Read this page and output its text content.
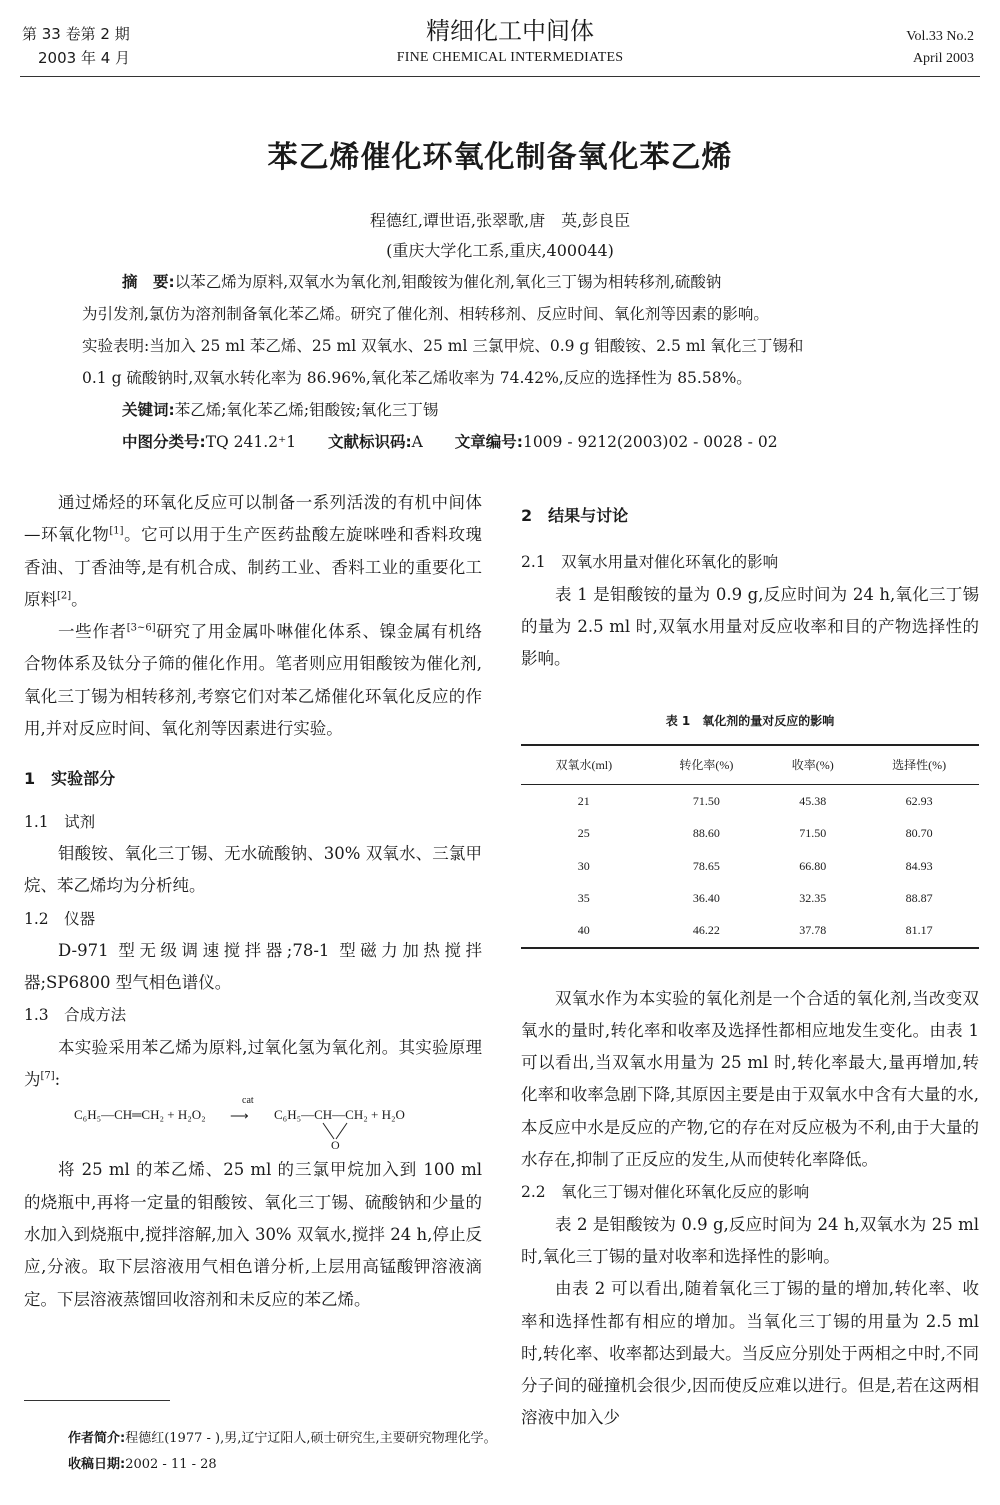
第 33 卷第 2 期
2003 年 4 月
精细化工中间体
FINE CHEMICAL INTERMEDIATES
Vol.33 No.2
April 2003
苯乙烯催化环氧化制备氧化苯乙烯
程德红,谭世语,张翠歌,唐　英,彭良臣
(重庆大学化工系,重庆,400044)
摘　要:以苯乙烯为原料,双氧水为氧化剂,钼酸铵为催化剂,氧化三丁锡为相转移剂,硫酸钠
为引发剂,氯仿为溶剂制备氧化苯乙烯。研究了催化剂、相转移剂、反应时间、氧化剂等因素的影响。
实验表明:当加入 25 ml 苯乙烯、25 ml 双氧水、25 ml 三氯甲烷、0.9 g 钼酸铵、2.5 ml 氧化三丁锡和
0.1 g 硫酸钠时,双氧水转化率为 86.96%,氧化苯乙烯收率为 74.42%,反应的选择性为 85.58%。
关键词:苯乙烯;氧化苯乙烯;钼酸铵;氧化三丁锡
中图分类号:TQ 241.2⁺1 文献标识码:A 文章编号:1009 - 9212(2003)02 - 0028 - 02

通过烯烃的环氧化反应可以制备一系列活泼的有机中间体—环氧化物[1]。它可以用于生产医药盐酸左旋咪唑和香料玫瑰香油、丁香油等,是有机合成、制药工业、香料工业的重要化工原料[2]。

一些作者[3~6]研究了用金属卟啉催化体系、镍金属有机络合物体系及钛分子筛的催化作用。笔者则应用钼酸铵为催化剂,氧化三丁锡为相转移剂,考察它们对苯乙烯催化环氧化反应的作用,并对反应时间、氧化剂等因素进行实验。

1　实验部分
1.1　试剂

钼酸铵、氧化三丁锡、无水硫酸钠、30% 双氧水、三氯甲烷、苯乙烯均为分析纯。

1.2　仪器

D-971 型无级调速搅拌器;78-1 型磁力加热搅拌器;SP6800 型气相色谱仪。

1.3　合成方法

本实验采用苯乙烯为原料,过氧化氢为氧化剂。其实验原理为[7]:

C₆H₅—CH═CH₂ + H₂O₂
cat
⟶ C₆H₅—CH—CH₂ + H₂O
O

将 25 ml 的苯乙烯、25 ml 的三氯甲烷加入到 100 ml 的烧瓶中,再将一定量的钼酸铵、氧化三丁锡、硫酸钠和少量的水加入到烧瓶中,搅拌溶解,加入 30% 双氧水,搅拌 24 h,停止反应,分液。取下层溶液用气相色谱分析,上层用高锰酸钾溶液滴定。下层溶液蒸馏回收溶剂和未反应的苯乙烯。

2　结果与讨论
2.1　双氧水用量对催化环氧化的影响

表 1 是钼酸铵的量为 0.9 g,反应时间为 24 h,氧化三丁锡的量为 2.5 ml 时,双氧水用量对反应收率和目的产物选择性的影响。

表 1　氧化剂的量对反应的影响
双氧水(ml)	转化率(%)	收率(%)	选择性(%)
21	71.50	45.38	62.93
25	88.60	71.50	80.70
30	78.65	66.80	84.93
35	36.40	32.35	88.87
40	46.22	37.78	81.17

双氧水作为本实验的氧化剂是一个合适的氧化剂,当改变双氧水的量时,转化率和收率及选择性都相应地发生变化。由表 1 可以看出,当双氧水用量为 25 ml 时,转化率最大,量再增加,转化率和收率急剧下降,其原因主要是由于双氧水中含有大量的水,本反应中水是反应的产物,它的存在对反应极为不利,由于大量的水存在,抑制了正反应的发生,从而使转化率降低。

2.2　氧化三丁锡对催化环氧化反应的影响

表 2 是钼酸铵为 0.9 g,反应时间为 24 h,双氧水为 25 ml 时,氧化三丁锡的量对收率和选择性的影响。

由表 2 可以看出,随着氧化三丁锡的量的增加,转化率、收率和选择性都有相应的增加。当氧化三丁锡的用量为 2.5 ml 时,转化率、收率都达到最大。当反应分别处于两相之中时,不同分子间的碰撞机会很少,因而使反应难以进行。但是,若在这两相溶液中加入少

作者简介:程德红(1977 - ),男,辽宁辽阳人,硕士研究生,主要研究物理化学。
收稿日期:2002 - 11 - 28
